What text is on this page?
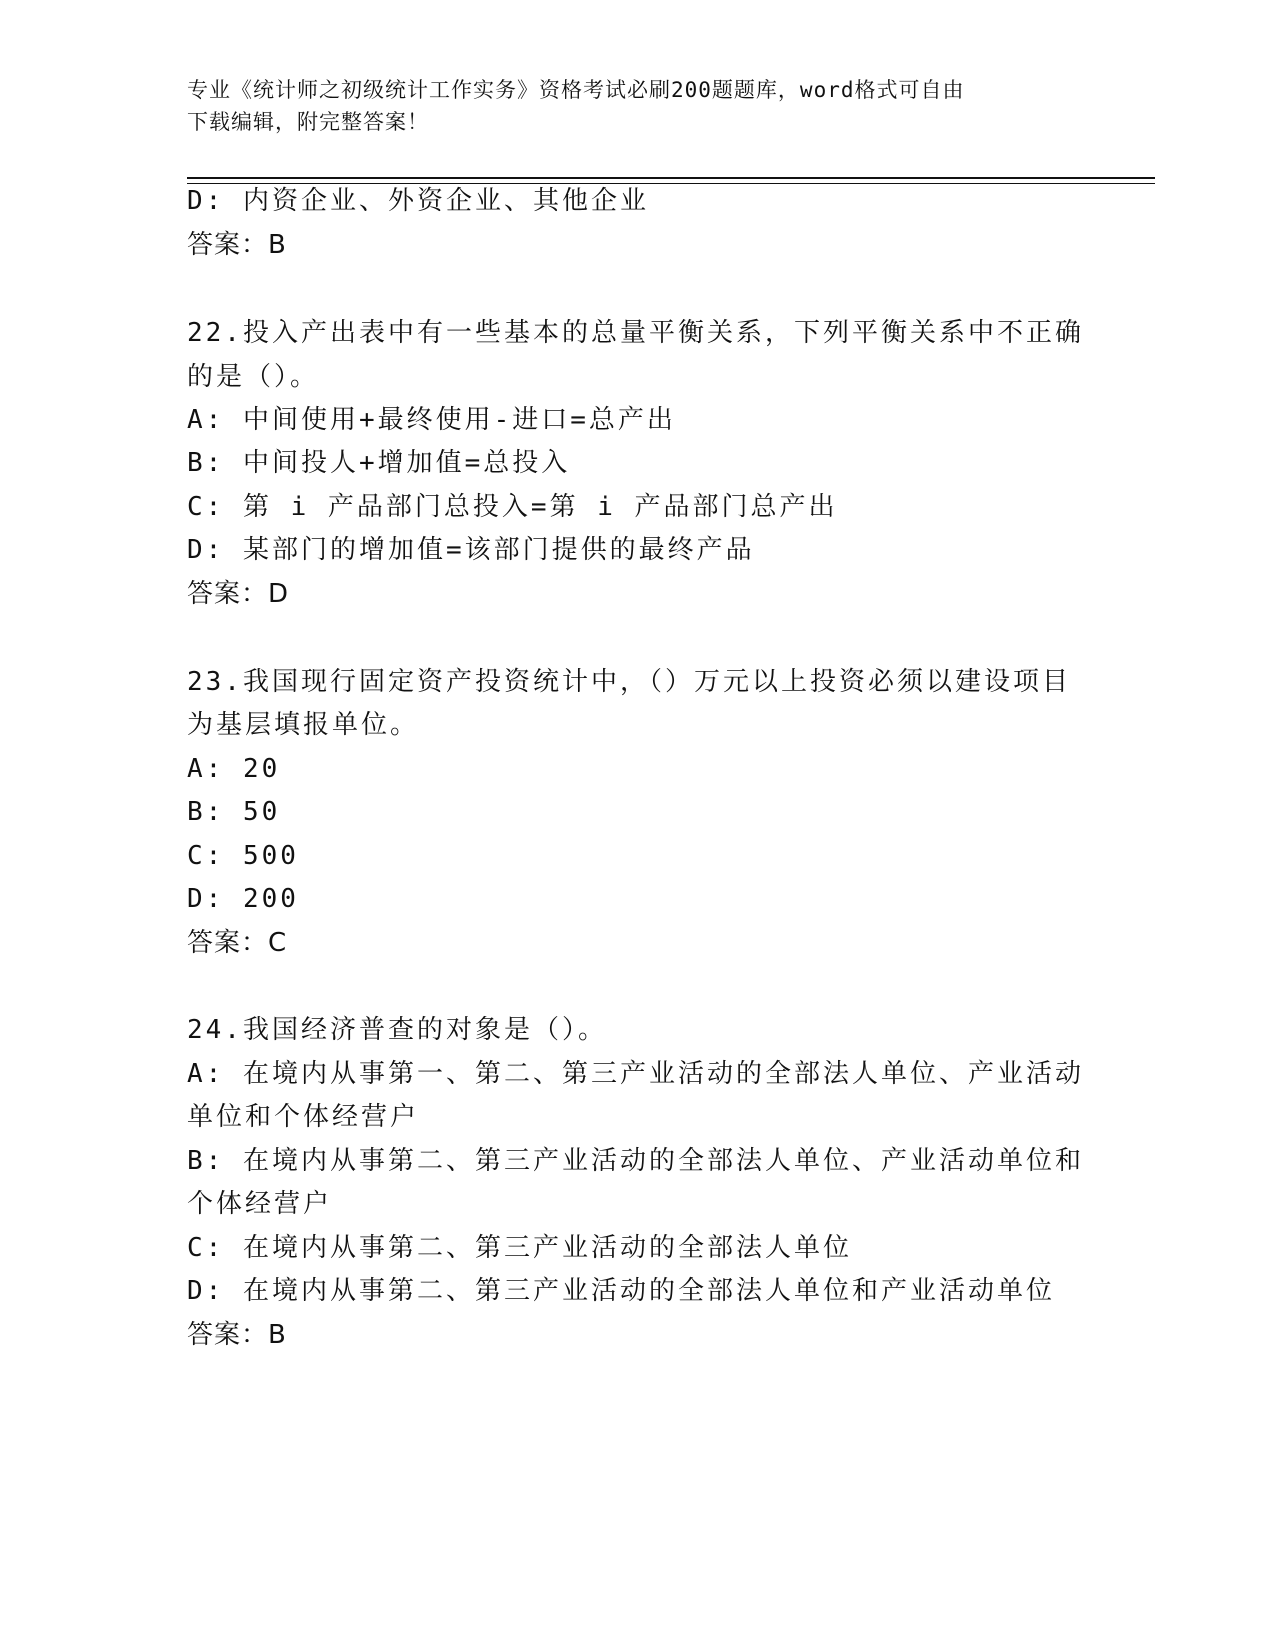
专业《统计师之初级统计工作实务》资格考试必刷200题题库，word格式可自由
下载编辑，附完整答案！
D: 内资企业、外资企业、其他企业
答案：B
22.投入产出表中有一些基本的总量平衡关系，下列平衡关系中不正确
的是（）。
A: 中间使用+最终使用-进口=总产出
B: 中间投人+增加值=总投入
C: 第 i 产品部门总投入=第 i 产品部门总产出
D: 某部门的增加值=该部门提供的最终产品
答案：D
23.我国现行固定资产投资统计中，（）万元以上投资必须以建设项目
为基层填报单位。
A: 20
B: 50
C: 500
D: 200
答案：C
24.我国经济普查的对象是（）。
A: 在境内从事第一、第二、第三产业活动的全部法人单位、产业活动
单位和个体经营户
B: 在境内从事第二、第三产业活动的全部法人单位、产业活动单位和
个体经营户
C: 在境内从事第二、第三产业活动的全部法人单位
D: 在境内从事第二、第三产业活动的全部法人单位和产业活动单位
答案：B
